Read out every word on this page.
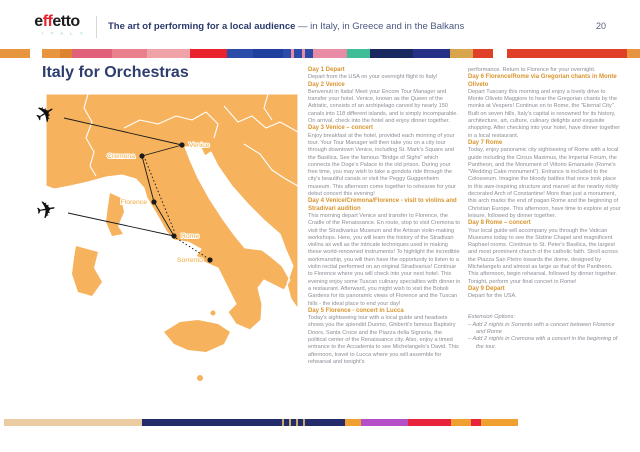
effetto
I T A L Y
The art of performing for a local audience — in Italy, in Greece and in the Balkans	20
Italy for Orchestras
Venice
Cremona
Florence
Rome
Sorrento
✈
✈
Day 1 Depart
Depart from the USA on your overnight flight to Italy!
Day 2 Venice
Benvenuti in Italia! Meet your Encore Tour Manager and transfer your hotel. Venice, known as the Queen of the Adriatic, consists of an archipelago carved by nearly 150 canals into 118 different islands, and is simply incomparable. On arrival, check into the hotel and enjoy dinner together.
Day 3 Venice – concert
Enjoy breakfast at the hotel, provided each morning of your tour. Your Tour Manager will then take you on a city tour through downtown Venice, including St. Mark's Square and the Basilica. See the famous "Bridge of Sighs" which connects the Doge's Palace to the old prison. During your free time, you may wish to take a gondola ride through the city's beautiful canals or visit the Peggy Guggenheim museum. This afternoon come together to rehearse for your debut concert this evening!
Day 4 Venice/Cremona/Florence - visit to violins and Stradivari audition
This morning depart Venice and transfer to Florence, the Cradle of the Renaissance. En route, stop to visit Cremona to visit the Stradivarius Museum and the Artisan violin-making workshops. Here, you will learn the history of the Stradivari violins as well as the intricate techniques used in making these world-renowned instruments! To highlight the incredible workmanship, you will then have the opportunity to listen to a violin recital performed on an original Stradivarius! Continue to Florence where you will check into your next hotel. This evening enjoy some Tuscan culinary specialties with dinner in a restaurant. Afterward, you might wish to visit the Boboli Gardens for its panoramic views of Florence and the Tuscan hills - the ideal place to end your day!
Day 5 Florence - concert in Lucca
Today's sightseeing tour with a local guide and headsets shows you the splendid Duomo, Ghiberti's famous Baptistry Doors, Santa Croce and the Piazza della Signoria, the political center of the Renaissance city. Also, enjoy a timed entrance to the Accademia to see Michelangelo's David. This afternoon, travel to Lucca where you will assemble for rehearsal and tonight's
performance. Return to Florence for your overnight.
Day 6 Florence/Rome via Gregorian chants in Monte Oliveto
Depart Tuscany this morning and enjoy a lovely drive to Monte Oliveto Maggiore to hear the Gregorian chants by the monks at Vespers! Continue on to Rome, the "Eternal City". Built on seven hills, Italy's capital is renowned for its history, architecture, art, culture, culinary delights and exquisite shopping. After checking into your hotel, have dinner together in a local restaurant.
Day 7 Rome
Today, enjoy panoramic city sightseeing of Rome with a local guide including the Circus Maximus, the Imperial Forum, the Pantheon, and the Monument of Vittorio Emanuele (Rome's "Wedding Cake monument"). Entrance is included to the Colosseum. Imagine the bloody battles that once took place in this awe-inspiring structure and marvel at the nearby richly decorated Arch of Constantine! More than just a monument, this arch marks the end of pagan Rome and the beginning of Christian Europe. This afternoon, have time to explore at your leisure, followed by dinner together.
Day 8 Rome – concert
Your local guide will accompany you through the Vatican Museums today to see the Sistine Chapel and magnificent Raphael rooms. Continue to St. Peter's Basilica, the largest and most prominent church of the catholic faith. Stroll across the Piazza San Pietro towards the dome, designed by Michelangelo and almost as large as that of the Pantheon. This afternoon, begin rehearsal, followed by dinner together. Tonight, perform your final concert in Rome!
Day 9 Depart
Depart for the USA.
Extension Options:
– Add 2 nights in Sorrento with a concert between Florence and Rome
– Add 2 nights in Cremona with a concert in the beginning of the tour.
